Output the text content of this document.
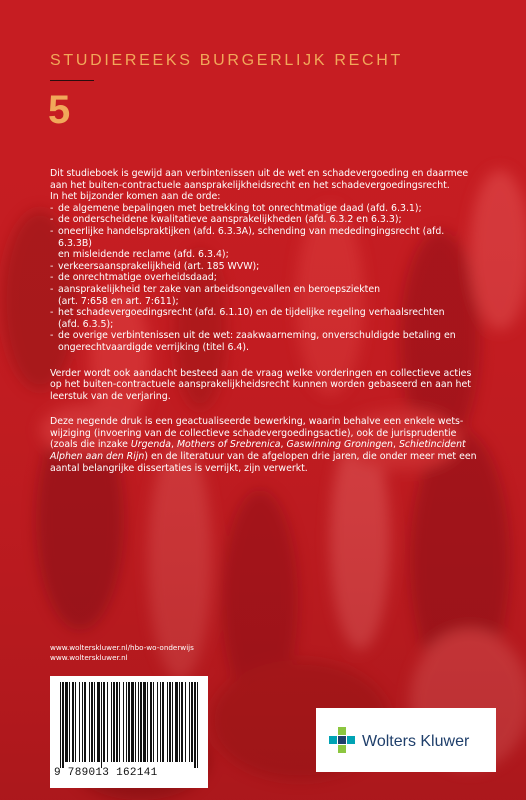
STUDIEREEKS BURGERLIJK RECHT
5

Dit studieboek is gewijd aan verbintenissen uit de wet en schadevergoeding en daarmee

aan het buiten-contractuele aansprakelijkheidsrecht en het schadevergoedingsrecht.

In het bijzonder komen aan de orde:

- de algemene bepalingen met betrekking tot onrechtmatige daad (afd. 6.3.1);
- de onderscheidene kwalitatieve aansprakelijkheden (afd. 6.3.2 en 6.3.3);
- oneerlijke handelspraktijken (afd. 6.3.3A), schending van mededingingsrecht (afd. 6.3.3B)
en misleidende reclame (afd. 6.3.4);
- verkeersaansprakelijkheid (art. 185 WVW);
- de onrechtmatige overheidsdaad;
- aansprakelijkheid ter zake van arbeidsongevallen en beroepsziekten
(art. 7:658 en art. 7:611);
- het schadevergoedingsrecht (afd. 6.1.10) en de tijdelijke regeling verhaalsrechten
(afd. 6.3.5);
- de overige verbintenissen uit de wet: zaakwaarneming, onverschuldigde betaling en
ongerechtvaardigde verrijking (titel 6.4).

Verder wordt ook aandacht besteed aan de vraag welke vorderingen en collectieve acties

op het buiten-contractuele aansprakelijkheidsrecht kunnen worden gebaseerd en aan het

leerstuk van de verjaring.

Deze negende druk is een geactualiseerde bewerking, waarin behalve een enkele wets-

wijziging (invoering van de collectieve schadevergoedingsactie), ook de jurisprudentie

(zoals die inzake Urgenda, Mothers of Srebrenica, Gaswinning Groningen, Schietincident

Alphen aan den Rijn) en de literatuur van de afgelopen drie jaren, die onder meer met een

aantal belangrijke dissertaties is verrijkt, zijn verwerkt.

www.wolterskluwer.nl/hbo-wo-onderwijs
www.wolterskluwer.nl
9 789013 162141
Wolters Kluwer
